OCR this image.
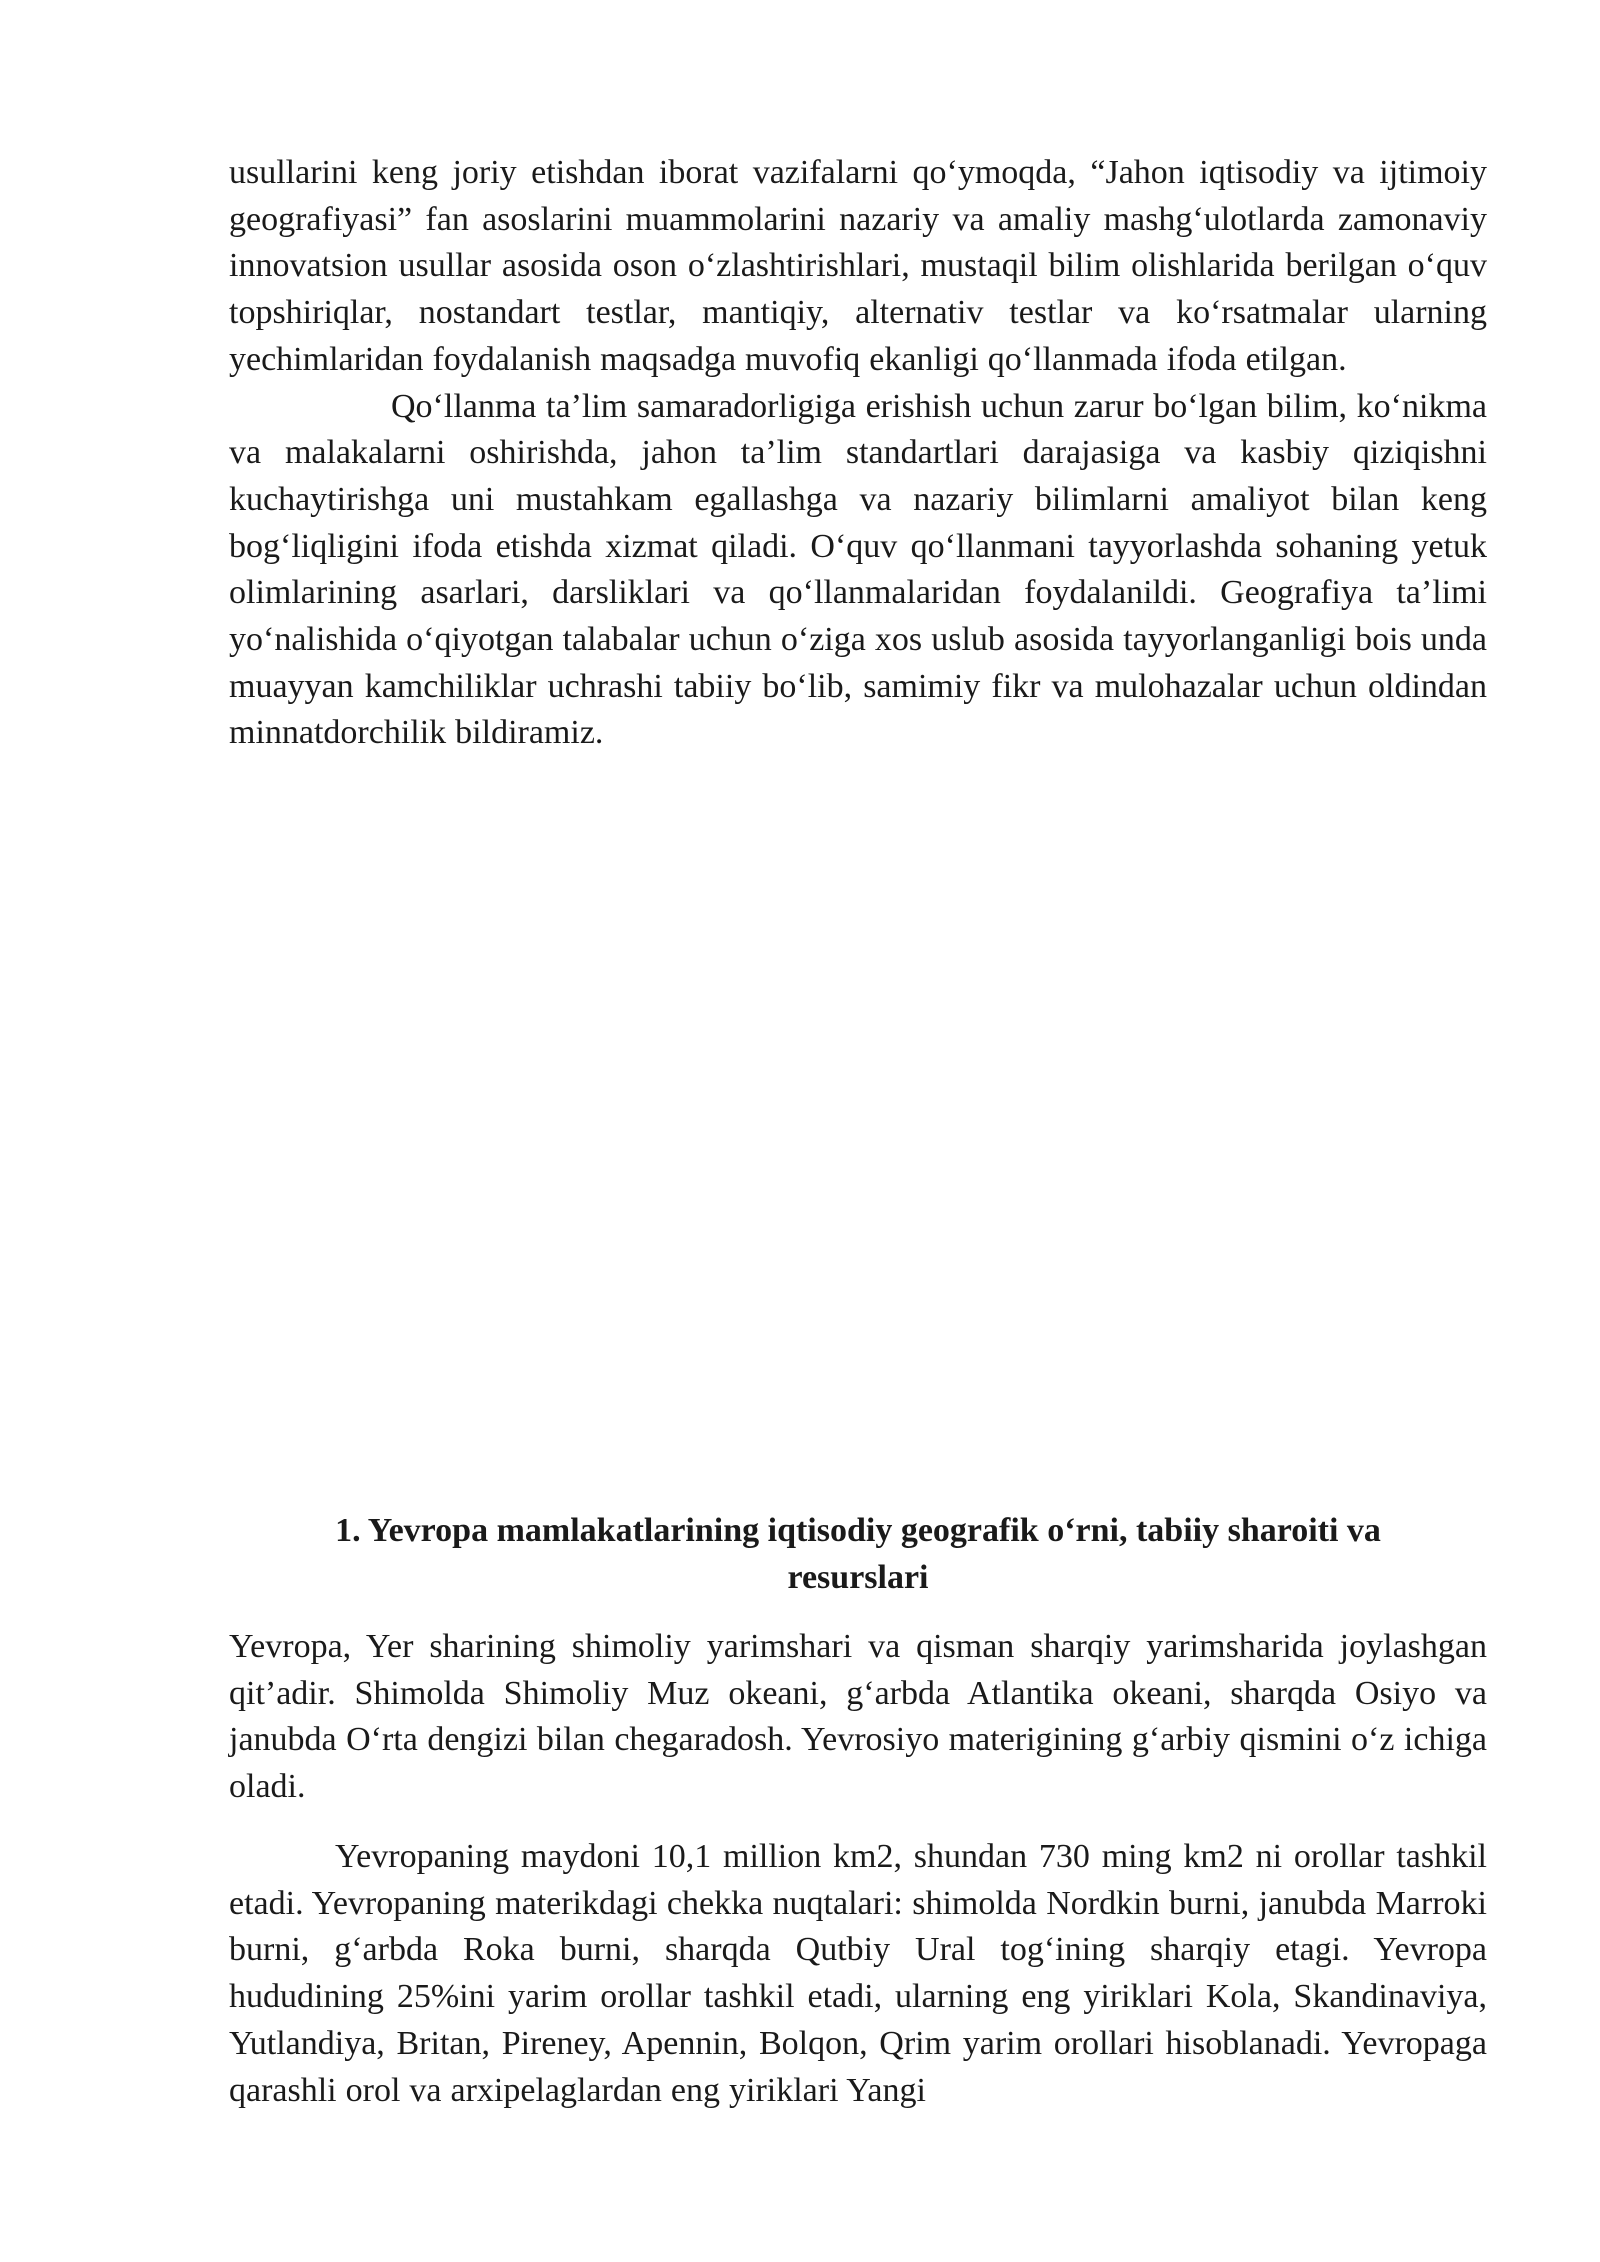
usullarini keng joriy etishdan iborat vazifalarni qo‘ymoqda, “Jahon iqtisodiy va ijtimoiy geografiyasi” fan asoslarini muammolarini nazariy va amaliy mashg‘ulotlarda zamonaviy innovatsion usullar asosida oson o‘zlashtirishlari, mustaqil bilim olishlarida berilgan o‘quv topshiriqlar, nostandart testlar, mantiqiy, alternativ testlar va ko‘rsatmalar ularning yechimlaridan foydalanish maqsadga muvofiq ekanligi qo‘llanmada ifoda etilgan.
Qo‘llanma ta’lim samaradorligiga erishish uchun zarur bo‘lgan bilim, ko‘nikma va malakalarni oshirishda, jahon ta’lim standartlari darajasiga va kasbiy qiziqishni kuchaytirishga uni mustahkam egallashga va nazariy bilimlarni amaliyot bilan keng bog‘liqligini ifoda etishda xizmat qiladi. O‘quv qo‘llanmani tayyorlashda sohaning yetuk olimlarining asarlari, darsliklari va qo‘llanmalaridan foydalanildi. Geografiya ta’limi yo‘nalishida o‘qiyotgan talabalar uchun o‘ziga xos uslub asosida tayyorlanganligi bois unda muayyan kamchiliklar uchrashi tabiiy bo‘lib, samimiy fikr va mulohazalar uchun oldindan minnatdorchilik bildiramiz.

1. Yevropa mamlakatlarining iqtisodiy geografik o‘rni, tabiiy sharoiti va
resurslari

Yevropa, Yer sharining shimoliy yarimshari va qisman sharqiy yarimsharida joylashgan qit’adir. Shimolda Shimoliy Muz okeani, g‘arbda Atlantika okeani, sharqda Osiyo va janubda O‘rta dengizi bilan chegaradosh. Yevrosiyo materigining g‘arbiy qismini o‘z ichiga oladi.

Yevropaning maydoni 10,1 million km2, shundan 730 ming km2 ni orollar tashkil etadi. Yevropaning materikdagi chekka nuqtalari: shimolda Nordkin burni, janubda Marroki burni, g‘arbda Roka burni, sharqda Qutbiy Ural tog‘ining sharqiy etagi. Yevropa hududining 25%ini yarim orollar tashkil etadi, ularning eng yiriklari Kola, Skandinaviya, Yutlandiya, Britan, Pireney, Apennin, Bolqon, Qrim yarim orollari hisoblanadi. Yevropaga qarashli orol va arxipelaglardan eng yiriklari Yangi
